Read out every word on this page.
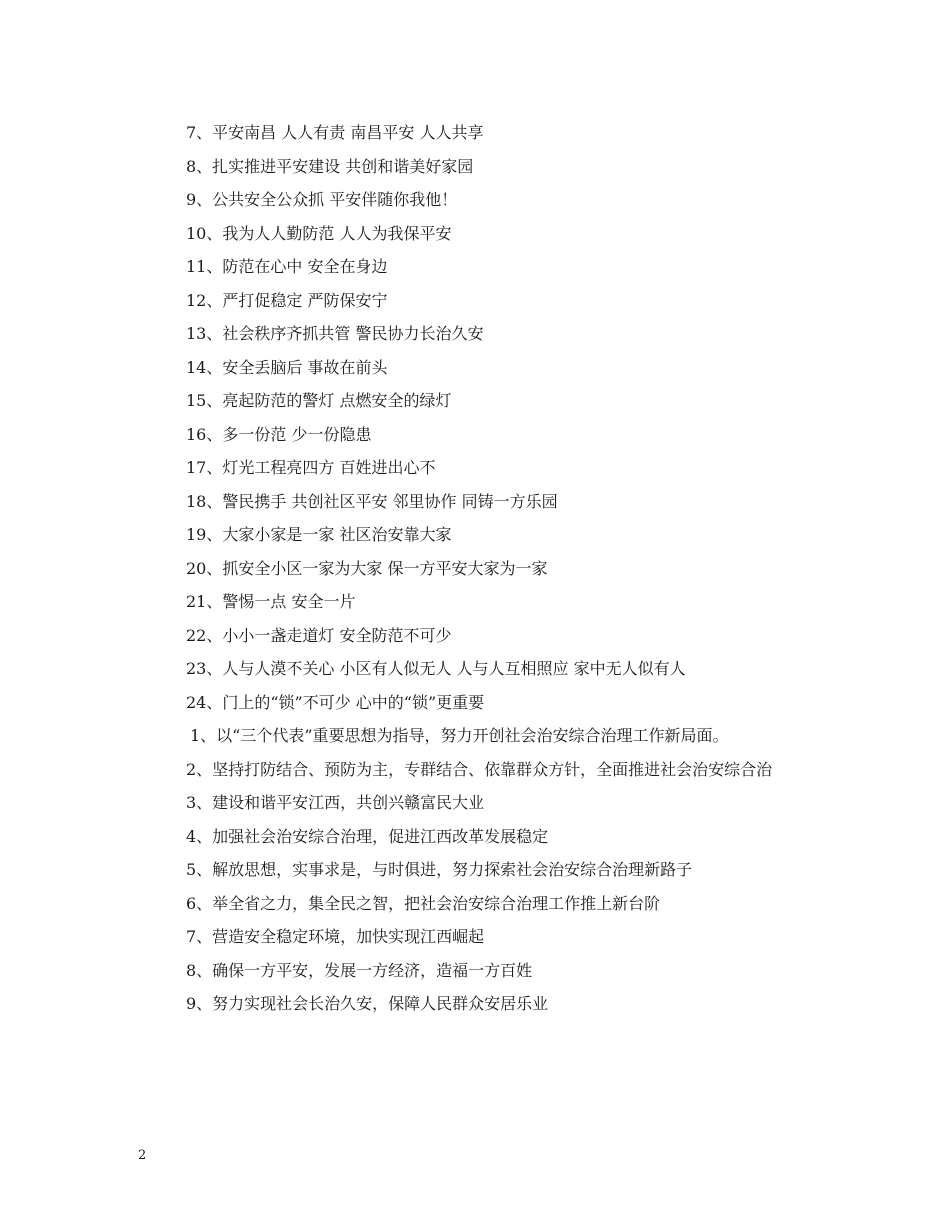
7、平安南昌 人人有责 南昌平安 人人共享

8、扎实推进平安建设 共创和谐美好家园

9、公共安全公众抓 平安伴随你我他！

10、我为人人勤防范 人人为我保平安

11、防范在心中 安全在身边

12、严打促稳定 严防保安宁

13、社会秩序齐抓共管 警民协力长治久安

14、安全丢脑后 事故在前头

15、亮起防范的警灯 点燃安全的绿灯

16、多一份范 少一份隐患

17、灯光工程亮四方 百姓进出心不

18、警民携手 共创社区平安 邻里协作 同铸一方乐园

19、大家小家是一家 社区治安靠大家

20、抓安全小区一家为大家 保一方平安大家为一家

21、警惕一点 安全一片

22、小小一盏走道灯 安全防范不可少

23、人与人漠不关心 小区有人似无人 人与人互相照应 家中无人似有人

24、门上的“锁”不可少 心中的“锁”更重要

1、以“三个代表”重要思想为指导，努力开创社会治安综合治理工作新局面。

2、坚持打防结合、预防为主，专群结合、依靠群众方针，全面推进社会治安综合治

3、建设和谐平安江西，共创兴赣富民大业

4、加强社会治安综合治理，促进江西改革发展稳定

5、解放思想，实事求是，与时俱进，努力探索社会治安综合治理新路子

6、举全省之力，集全民之智，把社会治安综合治理工作推上新台阶

7、营造安全稳定环境，加快实现江西崛起

8、确保一方平安，发展一方经济，造福一方百姓

9、努力实现社会长治久安，保障人民群众安居乐业

2
